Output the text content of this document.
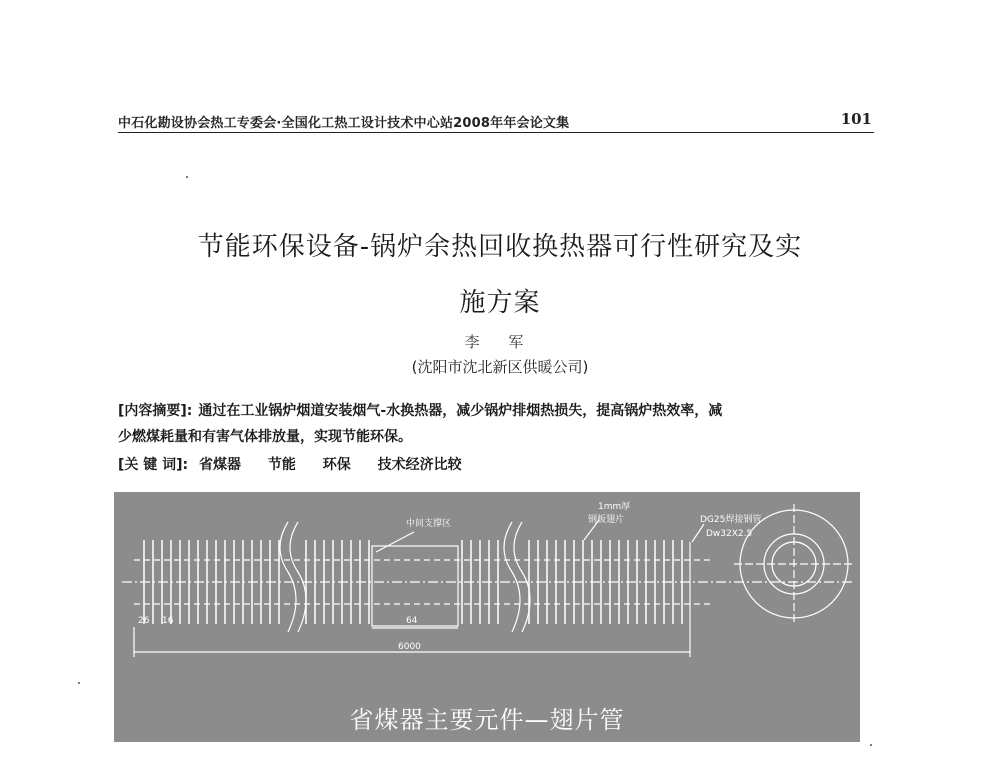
中石化勘设协会热工专委会·全国化工热工设计技术中心站2008年年会论文集	101
节能环保设备-锅炉余热回收换热器可行性研究及实
施方案
李 军
(沈阳市沈北新区供暖公司)
[内容摘要]: 通过在工业锅炉烟道安装烟气-水换热器，减少锅炉排烟热损失，提高锅炉热效率，减
少燃煤耗量和有害气体排放量，实现节能环保。
[关 键 词]: 省煤器 节能 环保 技术经济比较
中间支撑区
1mm厚
钢板翅片	DG25焊接钢管
Dw32X2.5
26 16	64
6000
省煤器主要元件—翅片管
